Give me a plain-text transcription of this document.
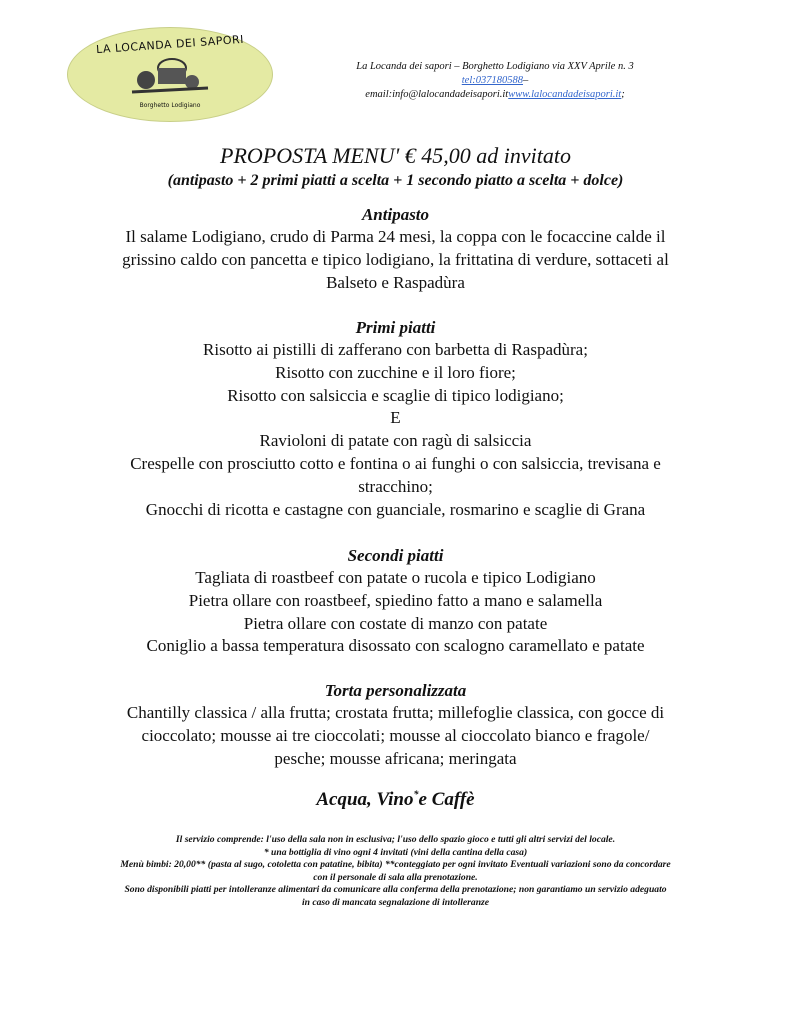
LA LOCANDA DEI SAPORI
Borghetto Lodigiano
La Locanda dei sapori – Borghetto Lodigiano via XXV Aprile n. 3
tel:037180588–
email:info@lalocandadeisapori.itwww.lalocandadeisapori.it;
PROPOSTA MENU' € 45,00 ad invitato
(antipasto + 2 primi piatti a scelta + 1 secondo piatto a scelta + dolce)
Antipasto
Il salame Lodigiano, crudo di Parma 24 mesi, la coppa con le focaccine calde il
grissino caldo con pancetta e tipico lodigiano, la frittatina di verdure, sottaceti al
Balseto e Raspadùra
Primi piatti
Risotto ai pistilli di zafferano con barbetta di Raspadùra;
Risotto con zucchine e il loro fiore;
Risotto con salsiccia e scaglie di tipico lodigiano;
E
Ravioloni di patate con ragù di salsiccia
Crespelle con prosciutto cotto e fontina o ai funghi o con salsiccia, trevisana e
stracchino;
Gnocchi di ricotta e castagne con guanciale, rosmarino e scaglie di Grana
Secondi piatti
Tagliata di roastbeef con patate o rucola e tipico Lodigiano
Pietra ollare con roastbeef, spiedino fatto a mano e salamella
Pietra ollare con costate di manzo con patate
Coniglio a bassa temperatura disossato con scalogno caramellato e patate
Torta personalizzata
Chantilly classica / alla frutta; crostata frutta; millefoglie classica, con gocce di
cioccolato; mousse ai tre cioccolati; mousse al cioccolato bianco e fragole/
pesche; mousse africana; meringata
Acqua, Vino*e Caffè
Il servizio comprende: l'uso della sala non in esclusiva; l'uso dello spazio gioco e tutti gli altri servizi del locale.
* una bottiglia di vino ogni 4 invitati (vini della cantina della casa)
Menù bimbi: 20,00** (pasta al sugo, cotoletta con patatine, bibita) **conteggiato per ogni invitato Eventuali variazioni sono da concordare
con il personale di sala alla prenotazione.
Sono disponibili piatti per intolleranze alimentari da comunicare alla conferma della prenotazione; non garantiamo un servizio adeguato
in caso di mancata segnalazione di intolleranze
